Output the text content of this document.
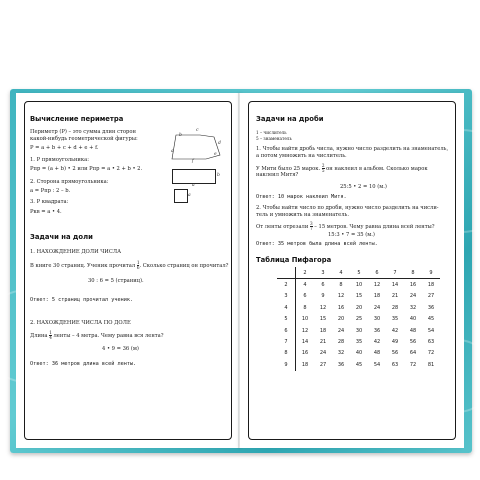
Вычисление периметра
Периметр (P) – это сумма длин сторон
какой-нибудь геометрической фигуры:
P = a + b + c + d + e + f.
c
d
e
f
a
b
1. P прямоугольника:
Pпр = (a + b) • 2 или Pпр = a • 2 + b • 2.
a
b
2. Сторона прямоугольника:
a = Pпр : 2 – b.
3. P квадрата:
a
Pкв = a • 4.
Задачи на доли
1. НАХОЖДЕНИЕ ДОЛИ ЧИСЛА
В книге 30 страниц. Ученик прочитал $\frac{1}{6}$ . Сколько страниц он прочитал?
30 : 6 = 5 (страниц).
Ответ: 5 страниц прочитал ученик.
2. НАХОЖДЕНИЕ ЧИСЛА ПО ДОЛЕ
Длина $\frac{1}{4}$ ленты – 4 метра. Чему равна вся лента?
4 • 9 = 36 (м)
Ответ: 36 метров длина всей ленты.
Задачи на дроби
1 – числитель
5 – знаменатель
1. Чтобы найти дробь числа, нужно число разделить на знаменатель,
а потом умножить на числитель.
У Мити было 25 марок. $\frac{2}{5}$ он наклеил в альбом. Сколько марок
наклеил Митя?
25:5 • 2 = 10 (м.)
Ответ: 10 марок наклеил Митя.
2. Чтобы найти число по дроби, нужно число разделить на числи-
тель и умножить на знаменатель.
От ленты отрезали $\frac{3}{7} - 15$ метров. Чему равна длина всей ленты?
15:3 • 7 = 35 (м.)
Ответ: 35 метров была длина всей ленты.
Таблица Пифагора
	2	3	4	5	6	7	8	9
2	4	6	8	10	12	14	16	18
3	6	9	12	15	18	21	24	27
4	8	12	16	20	24	28	32	36
5	10	15	20	25	30	35	40	45
6	12	18	24	30	36	42	48	54
7	14	21	28	35	42	49	56	63
8	16	24	32	40	48	56	64	72
9	18	27	36	45	54	63	72	81
